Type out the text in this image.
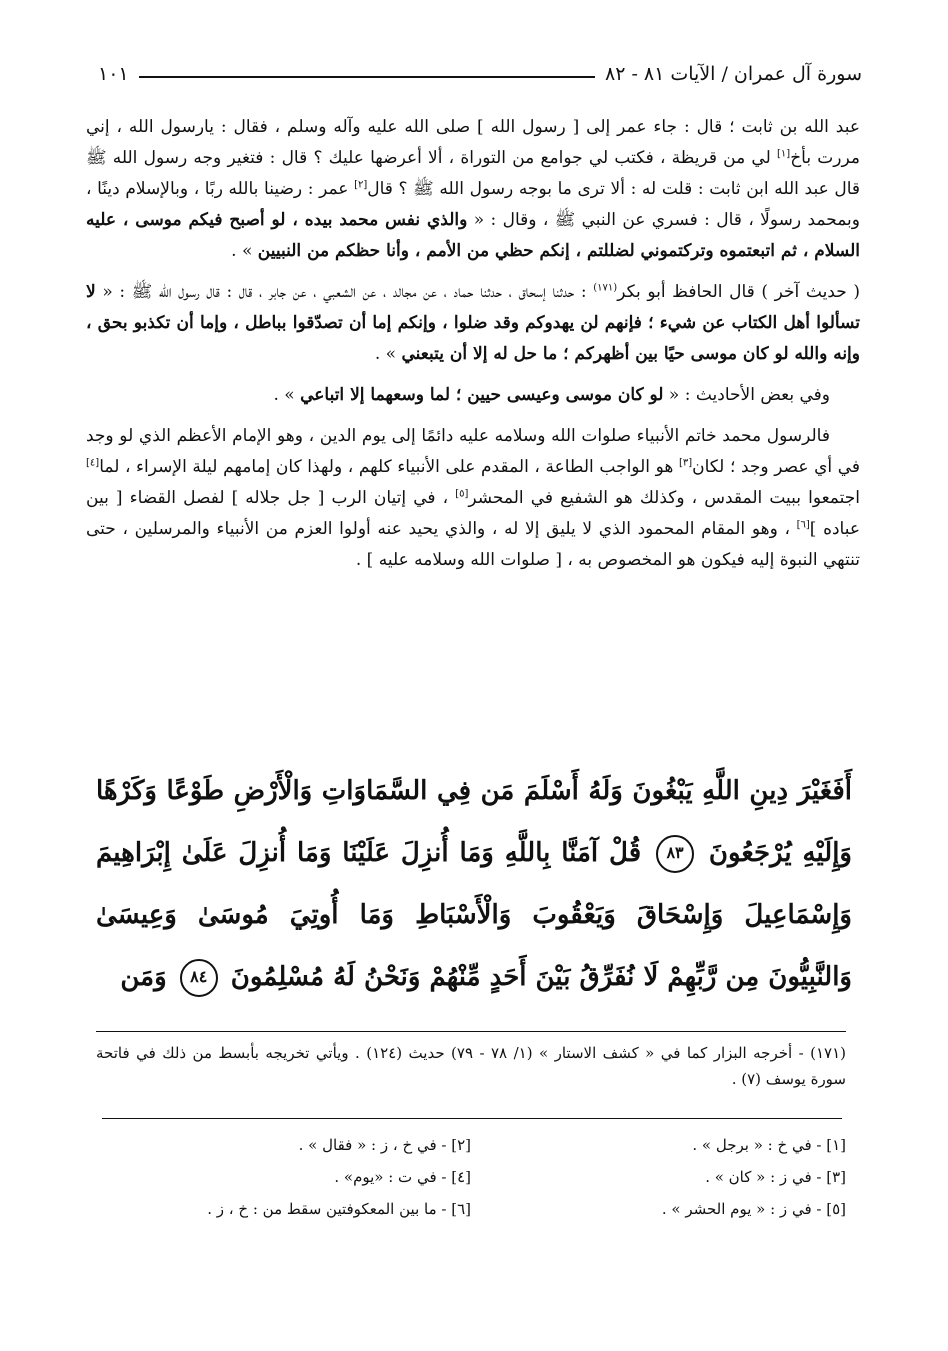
سورة آل عمران / الآيات ٨١ - ٨٢
١٠١

عبد الله بن ثابت ؛ قال : جاء عمر إلى [ رسول الله ] صلى الله عليه وآله وسلم ، فقال : يارسول الله ، إني مررت بأخ[١] لي من قريظة ، فكتب لي جوامع من التوراة ، ألا أعرضها عليك ؟ قال : فتغير وجه رسول الله ﷺ قال عبد الله ابن ثابت : قلت له : ألا ترى ما بوجه رسول الله ﷺ ؟ قال[٢] عمر : رضينا بالله ربًا ، وبالإسلام دينًا ، وبمحمد رسولًا ، قال : فسري عن النبي ﷺ ، وقال : « والذي نفس محمد بيده ، لو أصبح فيكم موسى ، عليه السلام ، ثم اتبعتموه وتركتموني لضللتم ، إنكم حظي من الأمم ، وأنا حظكم من النبيين » .

( حديث آخر ) قال الحافظ أبو بكر$^{(١٧١)}$ : حدثنا إسحاق ، حدثنا حماد ، عن مجالد ، عن الشعبي ، عن جابر ، قال : قال رسول الله ﷺ : « لا تسألوا أهل الكتاب عن شيء ؛ فإنهم لن يهدوكم وقد ضلوا ، وإنكم إما أن تصدّقوا بباطل ، وإما أن تكذبو بحق ، وإنه والله لو كان موسى حيًا بين أظهركم ؛ ما حل له إلا أن يتبعني » .

وفي بعض الأحاديث : « لو كان موسى وعيسى حيين ؛ لما وسعهما إلا اتباعي » .

فالرسول محمد خاتم الأنبياء صلوات الله وسلامه عليه دائمًا إلى يوم الدين ، وهو الإمام الأعظم الذي لو وجد في أي عصر وجد ؛ لكان[٣] هو الواجب الطاعة ، المقدم على الأنبياء كلهم ، ولهذا كان إمامهم ليلة الإسراء ، لما[٤] اجتمعوا ببيت المقدس ، وكذلك هو الشفيع في المحشر[٥] ، في إتيان الرب [ جل جلاله ] لفصل القضاء [ بين عباده ][٦] ، وهو المقام المحمود الذي لا يليق إلا له ، والذي يحيد عنه أولوا العزم من الأنبياء والمرسلين ، حتى تنتهي النبوة إليه فيكون هو المخصوص به ، [ صلوات الله وسلامه عليه ] .

أَفَغَيْرَ دِينِ اللَّهِ يَبْغُونَ وَلَهُ أَسْلَمَ مَن فِي السَّمَاوَاتِ وَالْأَرْضِ طَوْعًا وَكَرْهًا وَإِلَيْهِ يُرْجَعُونَ ٨٣ قُلْ آمَنَّا بِاللَّهِ وَمَا أُنزِلَ عَلَيْنَا وَمَا أُنزِلَ عَلَىٰ إِبْرَاهِيمَ وَإِسْمَاعِيلَ وَإِسْحَاقَ وَيَعْقُوبَ وَالْأَسْبَاطِ وَمَا أُوتِيَ مُوسَىٰ وَعِيسَىٰ وَالنَّبِيُّونَ مِن رَّبِّهِمْ لَا نُفَرِّقُ بَيْنَ أَحَدٍ مِّنْهُمْ وَنَحْنُ لَهُ مُسْلِمُونَ ٨٤ وَمَن
(١٧١) - أخرجه البزار كما في « كشف الاستار » (١/ ٧٨ - ٧٩) حديث (١٢٤) . ويأتي تخريجه بأبسط من ذلك في فاتحة سورة يوسف (٧) .
[١] - في خ : « برجل » .
[٢] - في خ ، ز : « فقال » .
[٣] - في ز : « كان » .
[٤] - في ت : «يوم» .
[٥] - في ز : « يوم الحشر » .
[٦] - ما بين المعكوفتين سقط من : خ ، ز .
